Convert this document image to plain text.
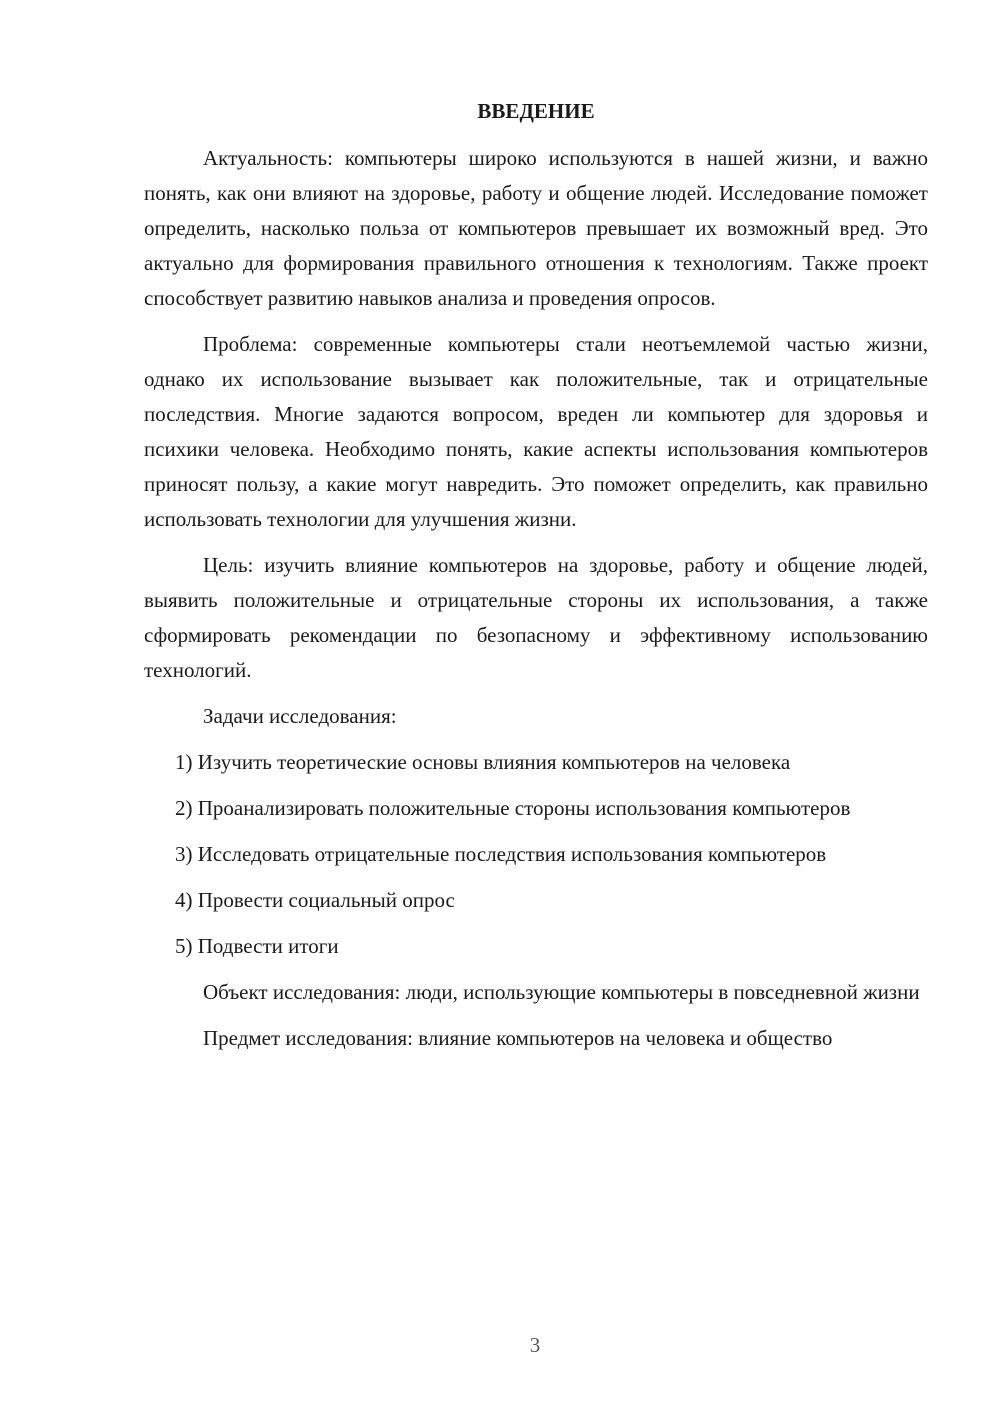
ВВЕДЕНИЕ

Актуальность: компьютеры широко используются в нашей жизни, и важно понять, как они влияют на здоровье, работу и общение людей. Исследование поможет определить, насколько польза от компьютеров превышает их возможный вред. Это актуально для формирования правильного отношения к технологиям. Также проект способствует развитию навыков анализа и проведения опросов.

Проблема: современные компьютеры стали неотъемлемой частью жизни, однако их использование вызывает как положительные, так и отрицательные последствия. Многие задаются вопросом, вреден ли компьютер для здоровья и психики человека. Необходимо понять, какие аспекты использования компьютеров приносят пользу, а какие могут навредить. Это поможет определить, как правильно использовать технологии для улучшения жизни.

Цель: изучить влияние компьютеров на здоровье, работу и общение людей, выявить положительные и отрицательные стороны их использования, а также сформировать рекомендации по безопасному и эффективному использованию технологий.

Задачи исследования:

1) Изучить теоретические основы влияния компьютеров на человека

2) Проанализировать положительные стороны использования компьютеров

3) Исследовать отрицательные последствия использования компьютеров

4) Провести социальный опрос

5) Подвести итоги

Объект исследования: люди, использующие компьютеры в повседневной жизни

Предмет исследования: влияние компьютеров на человека и общество

3
